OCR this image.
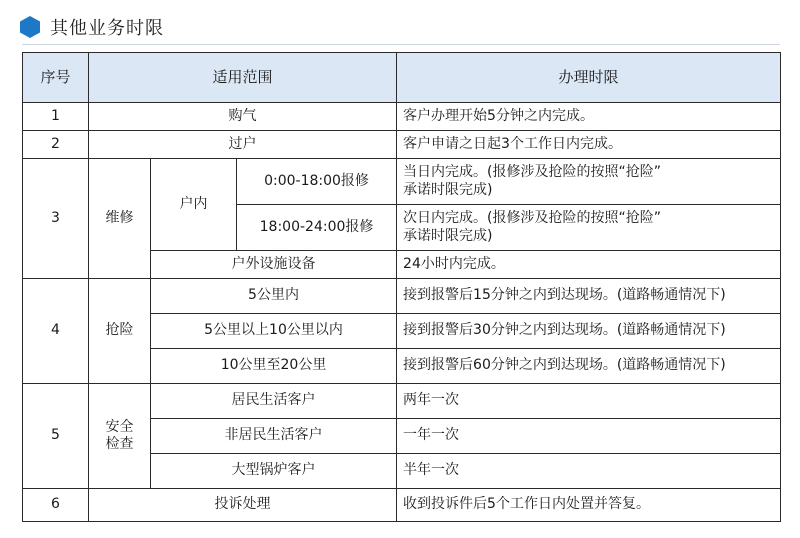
其他业务时限
序号	适用范围			办理时限
1	购气			客户办理开始5分钟之内完成。
2	过户			客户申请之日起3个工作日内完成。
3	维修	户内	0:00-18:00报修	当日内完成。(报修涉及抢险的按照“抢险”
承诺时限完成)

			18:00-24:00报修	次日内完成。(报修涉及抢险的按照“抢险”
承诺时限完成)

		户外设施设备		24小时内完成。
4	抢险	5公里内		接到报警后15分钟之内到达现场。(道路畅通情况下)
		5公里以上10公里以内		接到报警后30分钟之内到达现场。(道路畅通情况下)
		10公里至20公里		接到报警后60分钟之内到达现场。(道路畅通情况下)
5	安全
检查	居民生活客户		两年一次
		非居民生活客户		一年一次
		大型锅炉客户		半年一次
6	投诉处理			收到投诉件后5个工作日内处置并答复。
